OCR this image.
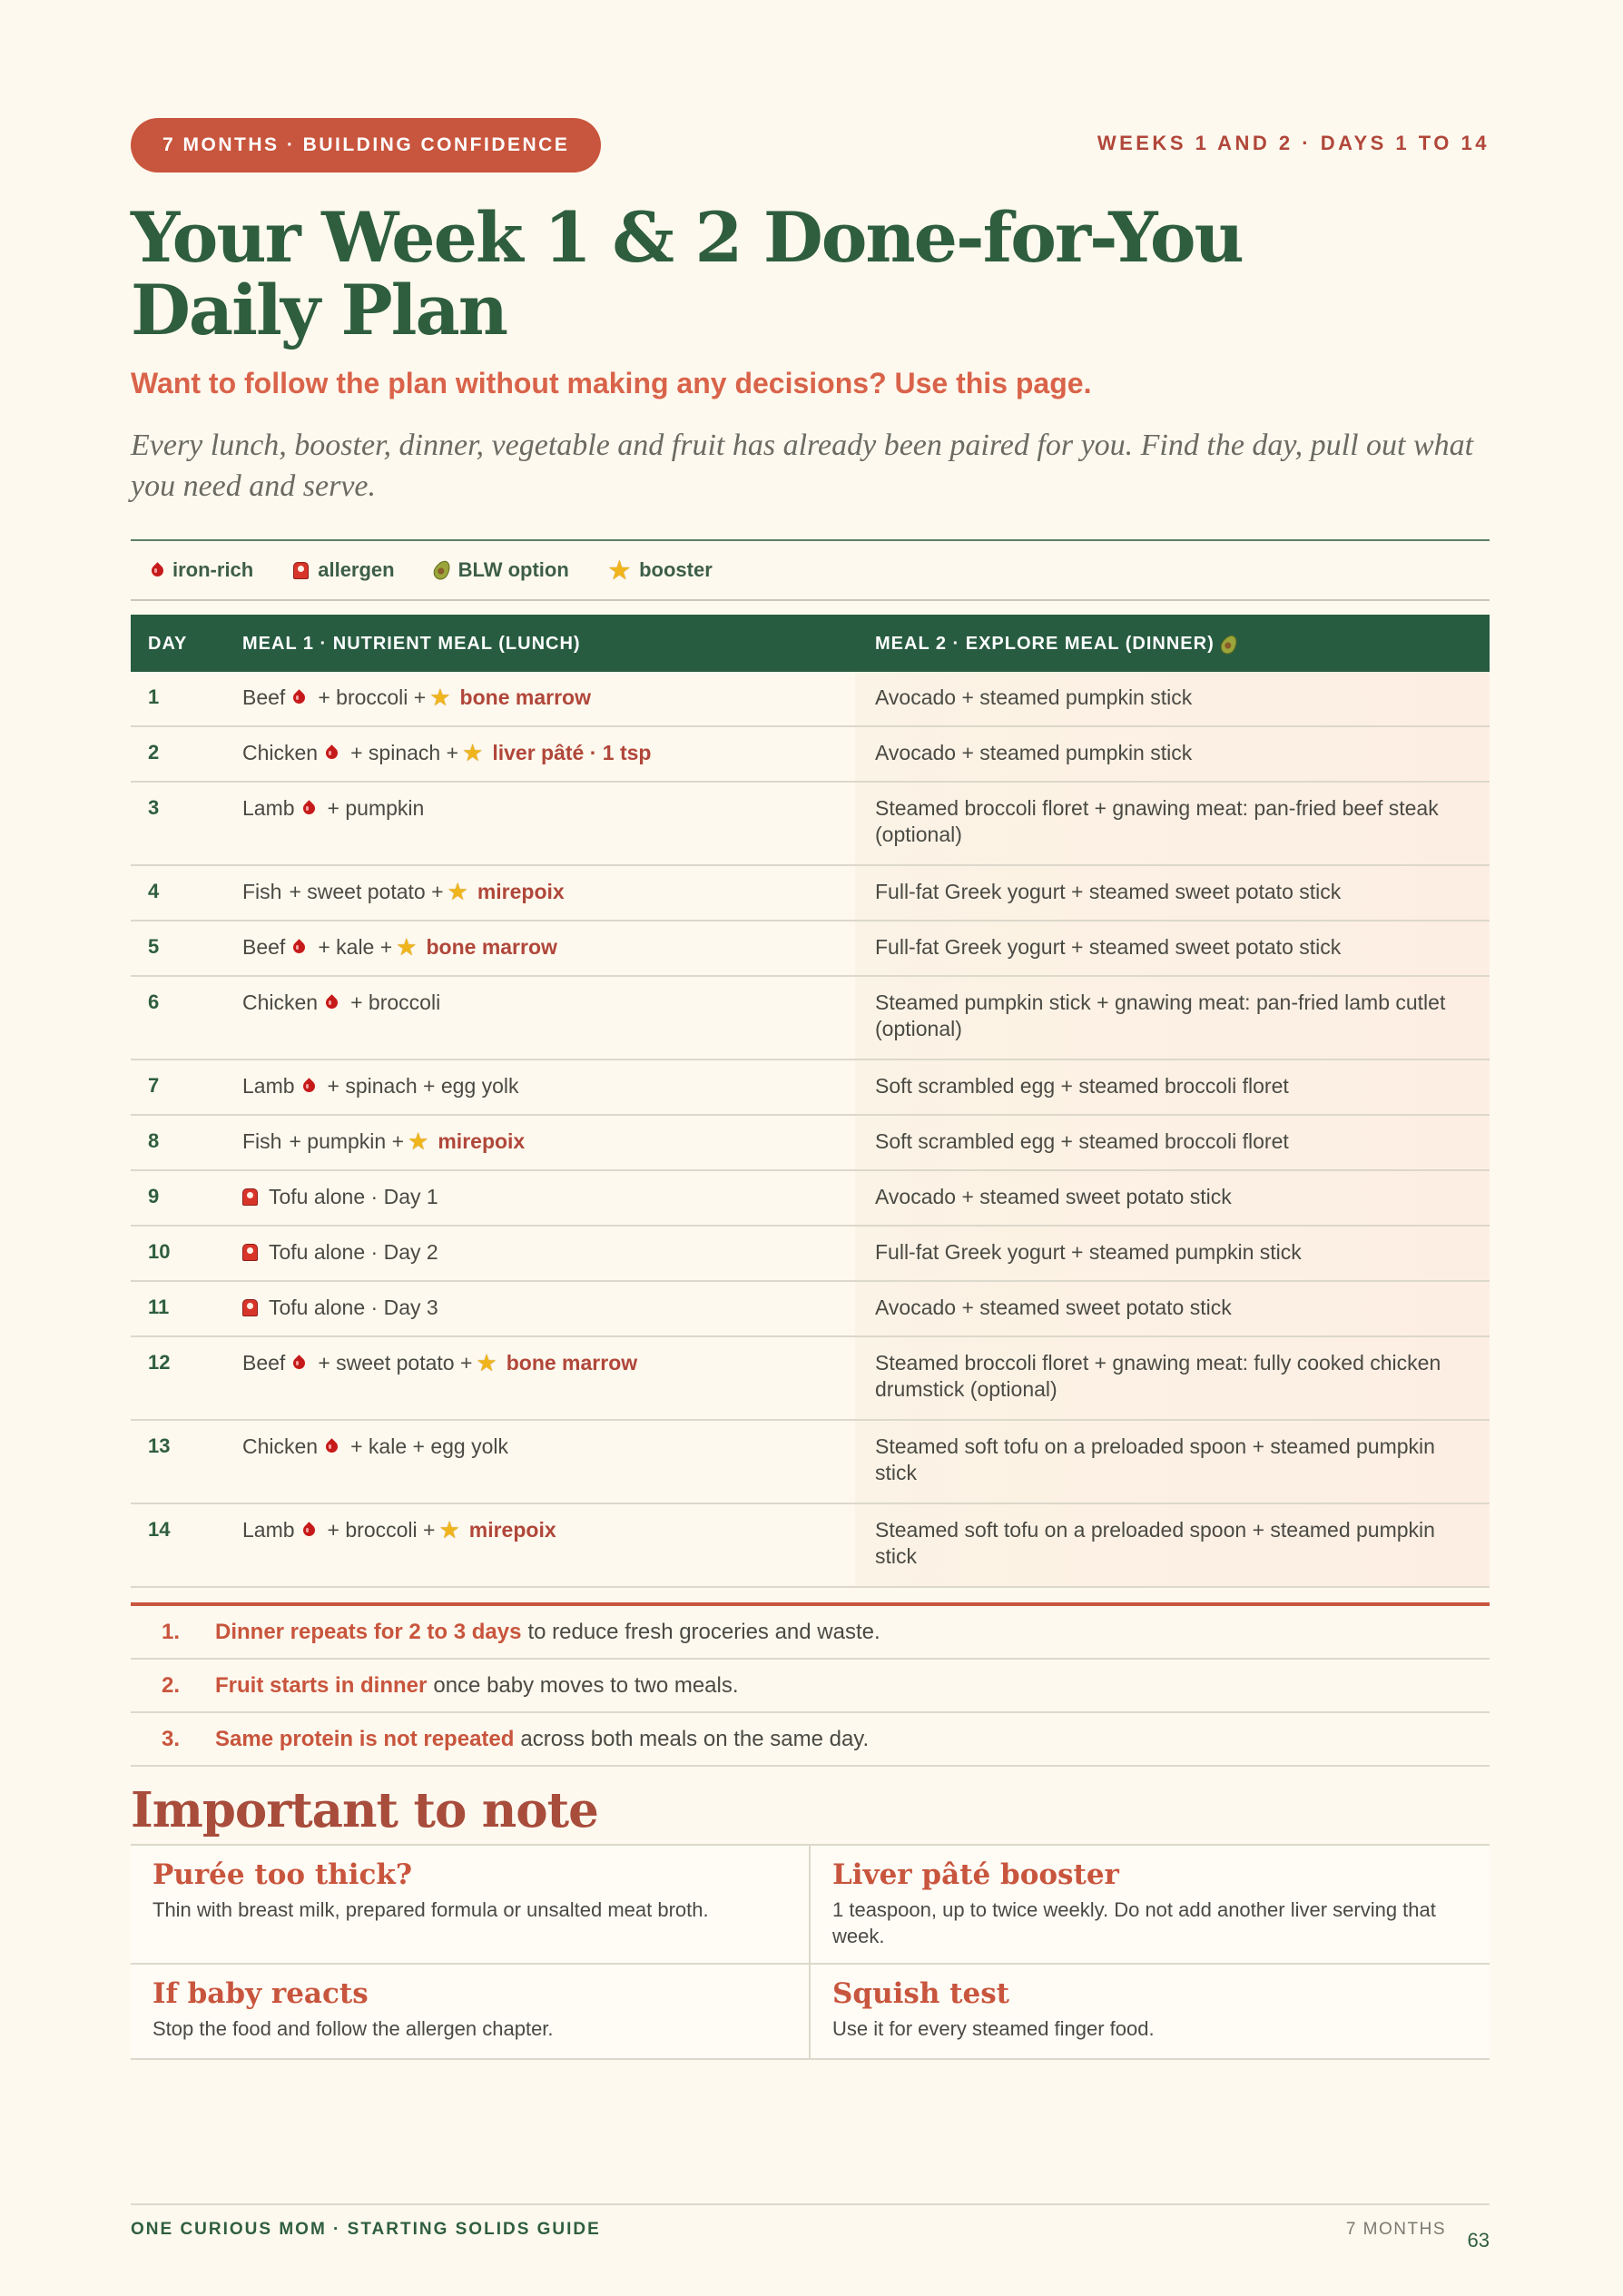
7 MONTHS · BUILDING CONFIDENCE	WEEKS 1 AND 2 · DAYS 1 TO 14
Your Week 1 & 2 Done-for-You
Daily Plan
Want to follow the plan without making any decisions? Use this page.
Every lunch, booster, dinner, vegetable and fruit has already been paired for you. Find the day, pull out what you need and serve.
iron-rich	allergen	BLW option ★ booster
DAY	MEAL 1 · NUTRIENT MEAL (LUNCH)	MEAL 2 · EXPLORE MEAL (DINNER)
1	Beef + broccoli + ★ bone marrow	Avocado + steamed pumpkin stick
2	Chicken + spinach + ★ liver pâté · 1 tsp	Avocado + steamed pumpkin stick
3	Lamb + pumpkin	Steamed broccoli floret + gnawing meat: pan-fried beef steak (optional)
4	Fish + sweet potato + ★ mirepoix	Full-fat Greek yogurt + steamed sweet potato stick
5	Beef + kale + ★ bone marrow	Full-fat Greek yogurt + steamed sweet potato stick
6	Chicken + broccoli	Steamed pumpkin stick + gnawing meat: pan-fried lamb cutlet (optional)
7	Lamb + spinach + egg yolk	Soft scrambled egg + steamed broccoli floret
8	Fish + pumpkin + ★ mirepoix	Soft scrambled egg + steamed broccoli floret
9	Tofu alone · Day 1	Avocado + steamed sweet potato stick
10	Tofu alone · Day 2	Full-fat Greek yogurt + steamed pumpkin stick
11	Tofu alone · Day 3	Avocado + steamed sweet potato stick
12	Beef + sweet potato + ★ bone marrow	Steamed broccoli floret + gnawing meat: fully cooked chicken drumstick (optional)
13	Chicken + kale + egg yolk	Steamed soft tofu on a preloaded spoon + steamed pumpkin stick
14	Lamb + broccoli + ★ mirepoix	Steamed soft tofu on a preloaded spoon + steamed pumpkin stick
1.	Dinner repeats for 2 to 3 days to reduce fresh groceries and waste.
2.	Fruit starts in dinner once baby moves to two meals.
3.	Same protein is not repeated across both meals on the same day.
Important to note
Purée too thick?

Thin with breast milk, prepared formula or unsalted meat broth.

Liver pâté booster

1 teaspoon, up to twice weekly. Do not add another liver serving that week.

If baby reacts

Stop the food and follow the allergen chapter.

Squish test

Use it for every steamed finger food.

ONE CURIOUS MOM · STARTING SOLIDS GUIDE	7 MONTHS 63
